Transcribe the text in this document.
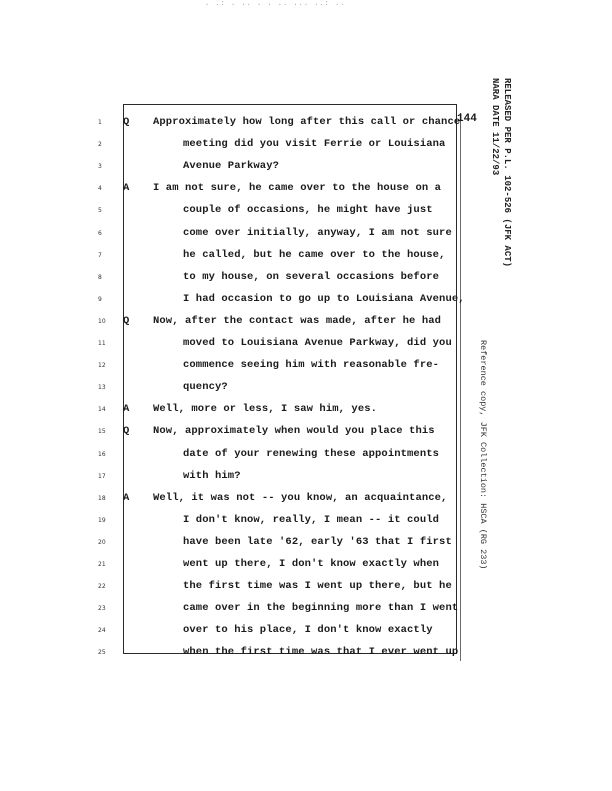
. .: . .. . . .. ... ..: ..
144
1	Q Approximately how long after this call or chance
2	meeting did you visit Ferrie or Louisiana
3	Avenue Parkway?
4	A I am not sure, he came over to the house on a
5	couple of occasions, he might have just
6	come over initially, anyway, I am not sure
7	he called, but he came over to the house,
8	to my house, on several occasions before
9	I had occasion to go up to Louisiana Avenue,
10	Q Now, after the contact was made, after he had
11	moved to Louisiana Avenue Parkway, did you
12	commence seeing him with reasonable fre-
13	quency?
14	A Well, more or less, I saw him, yes.
15	Q Now, approximately when would you place this
16	date of your renewing these appointments
17	with him?
18	A Well, it was not -- you know, an acquaintance,
19	I don't know, really, I mean -- it could
20	have been late '62, early '63 that I first
21	went up there, I don't know exactly when
22	the first time was I went up there, but he
23	came over in the beginning more than I went
24	over to his place, I don't know exactly
25	when the first time was that I ever went up
RELEASED PER P.L. 102-526 (JFK ACT)
NARA DATE 11/22/93
Reference copy, JFK Collection: HSCA (RG 233)
